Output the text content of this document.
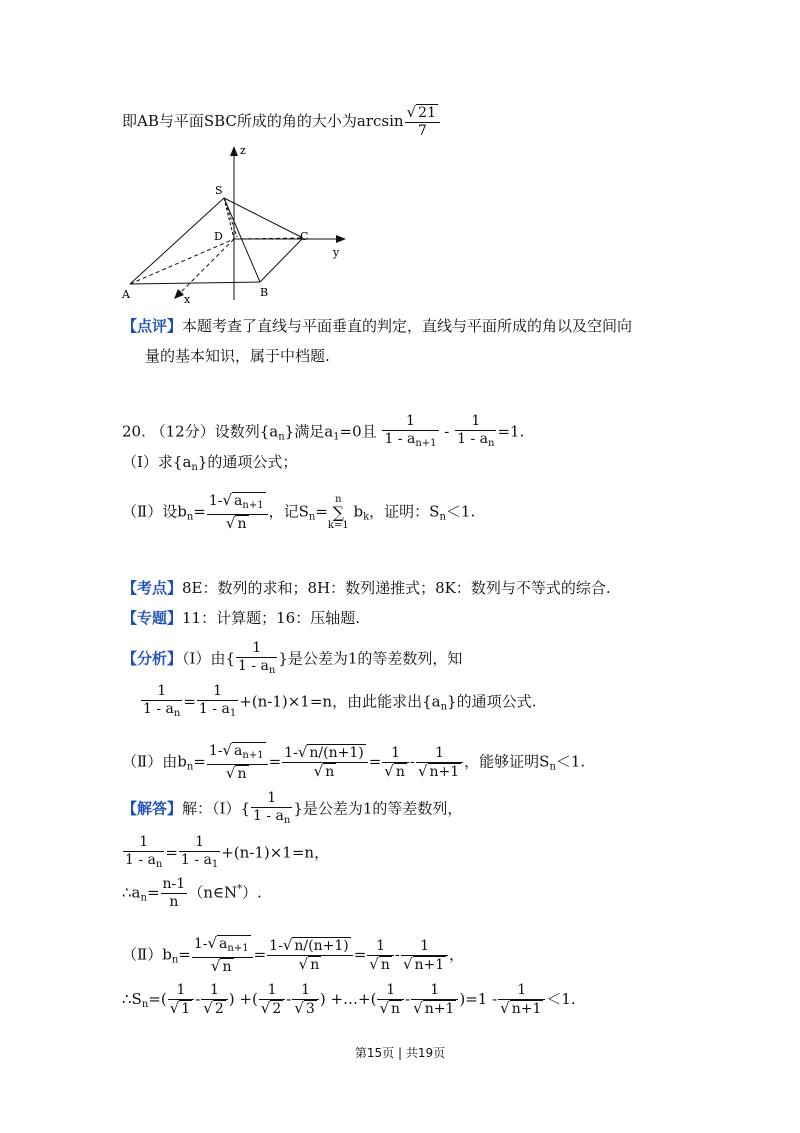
即AB与平面SBC所成的角的大小为$\arcsin \frac{√ 21}{7}$
z
y
x
S
D	C
A	B
【点评】本题考查了直线与平面垂直的判定，直线与平面所成的角以及空间向
量的基本知识，属于中档题.
20. （12分）设数列$\{a_n\}$满足$a_1=0$且 $\frac{1}{1 - a_{n+1}} - \frac{1}{1 - a_n} =1$.
（Ⅰ）求$\{a_n\}$的通项公式；
（Ⅱ）设$b_n= \frac{1-√ a_{n+1}}{√ n}$ ，记$S_n=n$
∑
k=1 $b_k$，证明：$S_n<1$.
【考点】8E：数列的求和；8H：数列递推式；8K：数列与不等式的综合.
【专题】11：计算题；16：压轴题.
【分析】（Ⅰ）由{ $\frac{1}{1 - a_n}$ }是公差为1的等差数列，知
$\frac{1}{1 - a_n} = \frac{1}{1 - a_1} +(n-1)\times 1=n$，由此能求出$\{a_n\}$的通项公式.
（Ⅱ）由$b_n= \frac{1-√ a_{n+1}}{√ n} = \frac{1-√ n/(n+1)}{√ n} = \frac{1}{√ n} - \frac{1}{√ n+1}$ ，能够证明$S_n<1$.
【解答】解：（Ⅰ）{ $\frac{1}{1 - a_n}$ }是公差为1的等差数列，
$\frac{1}{1 - a_n} = \frac{1}{1 - a_1} +(n-1)\times 1=n$，
$\therefore a_n= \frac{n-1}{n}$ （n∈N*）.
$(Ⅱ)b_n= \frac{1-√ a_{n+1}}{√ n} = \frac{1-√ n/(n+1)}{√ n} = \frac{1}{√ n} - \frac{1}{√ n+1}$ ，
$\therefore S_n=( \frac{1}{√ 1} - \frac{1}{√ 2}$ ) +( $\frac{1}{√ 2} - \frac{1}{√ 3}$ ) +…+( $\frac{1}{√ n} - \frac{1}{√ n+1} )=1 - \frac{1}{√ n+1} <1$.
第15页 | 共19页
